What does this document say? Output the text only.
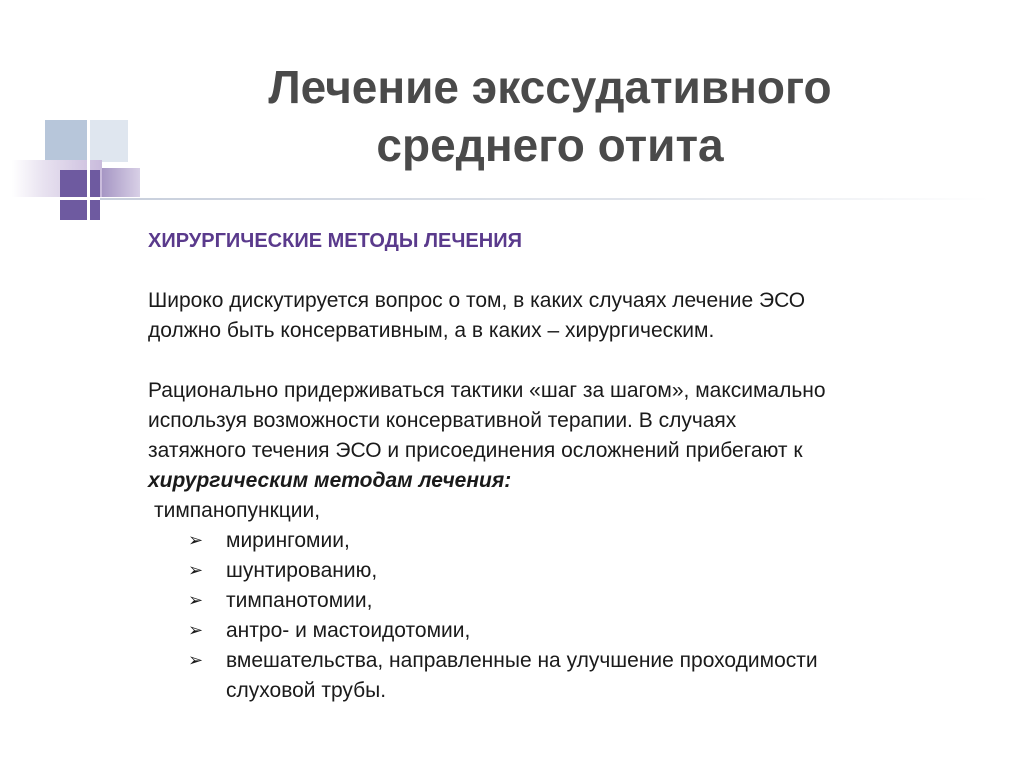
Лечение экссудативного
среднего отита
ХИРУРГИЧЕСКИЕ МЕТОДЫ ЛЕЧЕНИЯ
Широко дискутируется вопрос о том, в каких случаях лечение ЭСО
должно быть консервативным, а в каких – хирургическим.
Рационально придерживаться тактики «шаг за шагом», максимально
используя возможности консервативной терапии. В случаях
затяжного течения ЭСО и присоединения осложнений прибегают к
хирургическим методам лечения:
тимпанопункции,
➢ мирингомии,
➢ шунтированию,
➢ тимпанотомии,
➢ антро- и мастоидотомии,
➢ вмешательства, направленные на улучшение проходимости
слуховой трубы.
